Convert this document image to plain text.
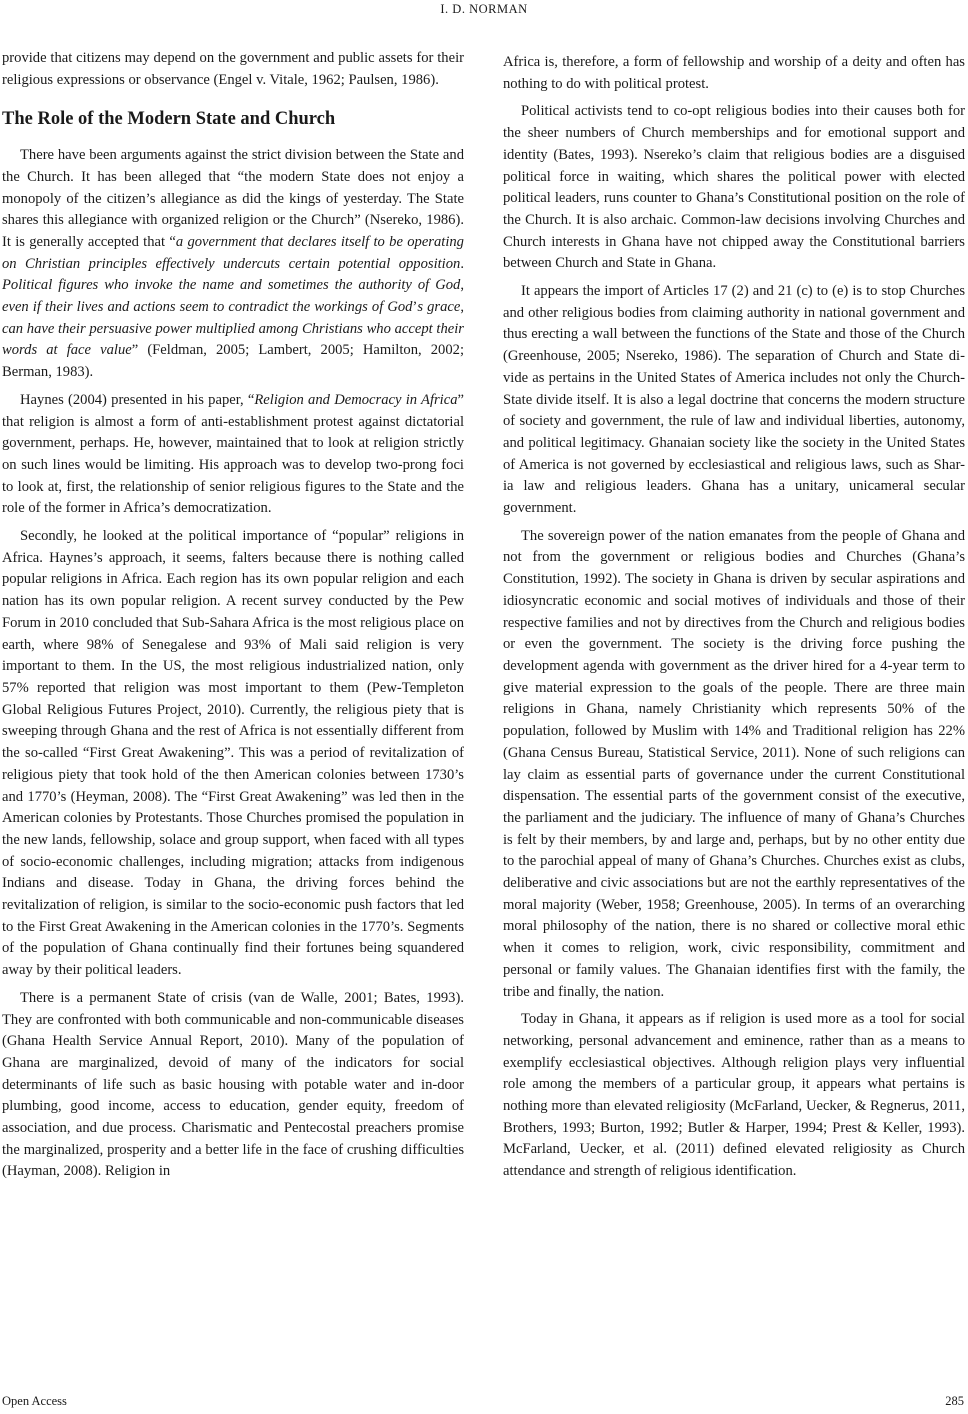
I. D. NORMAN

provide that citizens may depend on the government and public assets for their religious expressions or observance (Engel v. Vitale, 1962; Paulsen, 1986).

The Role of the Modern State and Church

There have been arguments against the strict division between the State and the Church. It has been alleged that “the modern State does not enjoy a monopoly of the citizen’s allegiance as did the kings of yesterday. The State shares this allegiance with organized religion or the Church” (Nsereko, 1986). It is generally accepted that “a government that declares itself to be operating on Christian principles effectively undercuts certain potential opposition. Political figures who invoke the name and sometimes the authority of God, even if their lives and actions seem to contradict the workings of God’s grace, can have their persuasive power multiplied among Christians who accept their words at face value” (Feldman, 2005; Lambert, 2005; Hamilton, 2002; Berman, 1983).

Haynes (2004) presented in his paper, “Religion and Democracy in Africa” that religion is almost a form of anti-establishment protest against dictatorial government, perhaps. He, however, maintained that to look at religion strictly on such lines would be limiting. His approach was to develop two-prong foci to look at, first, the relationship of senior religious figures to the State and the role of the former in Africa’s democratization.

Secondly, he looked at the political importance of “popular” religions in Africa. Haynes’s approach, it seems, falters because there is nothing called popular religions in Africa. Each region has its own popular religion and each nation has its own popular religion. A recent survey conducted by the Pew Forum in 2010 concluded that Sub-Sahara Africa is the most religious place on earth, where 98% of Senegalese and 93% of Mali said religion is very important to them. In the US, the most religious industrialized nation, only 57% reported that religion was most important to them (Pew-Templeton Global Religious Futures Project, 2010). Currently, the religious piety that is sweeping through Ghana and the rest of Africa is not essentially different from the so-called “First Great Awakening”. This was a period of revitalization of religious piety that took hold of the then American colonies between 1730’s and 1770’s (Heyman, 2008). The “First Great Awakening” was led then in the American colonies by Protestants. Those Churches promised the population in the new lands, fellowship, solace and group support, when faced with all types of socio-economic challenges, including migration; attacks from indigenous Indians and disease. Today in Ghana, the driving forces behind the revitalization of religion, is similar to the socio-economic push factors that led to the First Great Awakening in the American colonies in the 1770’s. Segments of the population of Ghana continually find their fortunes being squandered away by their political leaders.

There is a permanent State of crisis (van de Walle, 2001; Bates, 1993). They are confronted with both communicable and non-communicable diseases (Ghana Health Service Annual Report, 2010). Many of the population of Ghana are marginalized, devoid of many of the indicators for social determinants of life such as basic housing with potable water and in-door plumbing, good income, access to education, gender equity, freedom of association, and due process. Charismatic and Pentecostal preachers promise the marginalized, prosperity and a better life in the face of crushing difficulties (Hayman, 2008). Religion in

Africa is, therefore, a form of fellowship and worship of a deity and often has nothing to do with political protest.

Political activists tend to co-opt religious bodies into their causes both for the sheer numbers of Church memberships and for emotional support and identity (Bates, 1993). Nsereko’s claim that religious bodies are a disguised political force in waiting, which shares the political power with elected political leaders, runs counter to Ghana’s Constitutional position on the role of the Church. It is also archaic. Common-law decisions involving Churches and Church interests in Ghana have not chipped away the Constitutional barriers between Church and State in Ghana.

It appears the import of Articles 17 (2) and 21 (c) to (e) is to stop Churches and other religious bodies from claiming authority in national government and thus erecting a wall between the functions of the State and those of the Church (Greenhouse, 2005; Nsereko, 1986). The separation of Church and State divide as pertains in the United States of America includes not only the Church-State divide itself. It is also a legal doctrine that concerns the modern structure of society and government, the rule of law and individual liberties, autonomy, and political legitimacy. Ghanaian society like the society in the United States of America is not governed by ecclesiastical and religious laws, such as Shar-ia law and religious leaders. Ghana has a unitary, unicameral secular government.

The sovereign power of the nation emanates from the people of Ghana and not from the government or religious bodies and Churches (Ghana’s Constitution, 1992). The society in Ghana is driven by secular aspirations and idiosyncratic economic and social motives of individuals and those of their respective families and not by directives from the Church and religious bodies or even the government. The society is the driving force pushing the development agenda with government as the driver hired for a 4-year term to give material expression to the goals of the people. There are three main religions in Ghana, namely Christianity which represents 50% of the population, followed by Muslim with 14% and Traditional religion has 22% (Ghana Census Bureau, Statistical Service, 2011). None of such religions can lay claim as essential parts of governance under the current Constitutional dispensation. The essential parts of the government consist of the executive, the parliament and the judiciary. The influence of many of Ghana’s Churches is felt by their members, by and large and, perhaps, but by no other entity due to the parochial appeal of many of Ghana’s Churches. Churches exist as clubs, deliberative and civic associations but are not the earthly representatives of the moral majority (Weber, 1958; Greenhouse, 2005). In terms of an overarching moral philosophy of the nation, there is no shared or collective moral ethic when it comes to religion, work, civic responsibility, commitment and personal or family values. The Ghanaian identifies first with the family, the tribe and finally, the nation.

Today in Ghana, it appears as if religion is used more as a tool for social networking, personal advancement and eminence, rather than as a means to exemplify ecclesiastical objectives. Although religion plays very influential role among the members of a particular group, it appears what pertains is nothing more than elevated religiosity (McFarland, Uecker, & Regnerus, 2011, Brothers, 1993; Burton, 1992; Butler & Harper, 1994; Prest & Keller, 1993). McFarland, Uecker, et al. (2011) defined elevated religiosity as Church attendance and strength of religious identification.

Open Access	285
